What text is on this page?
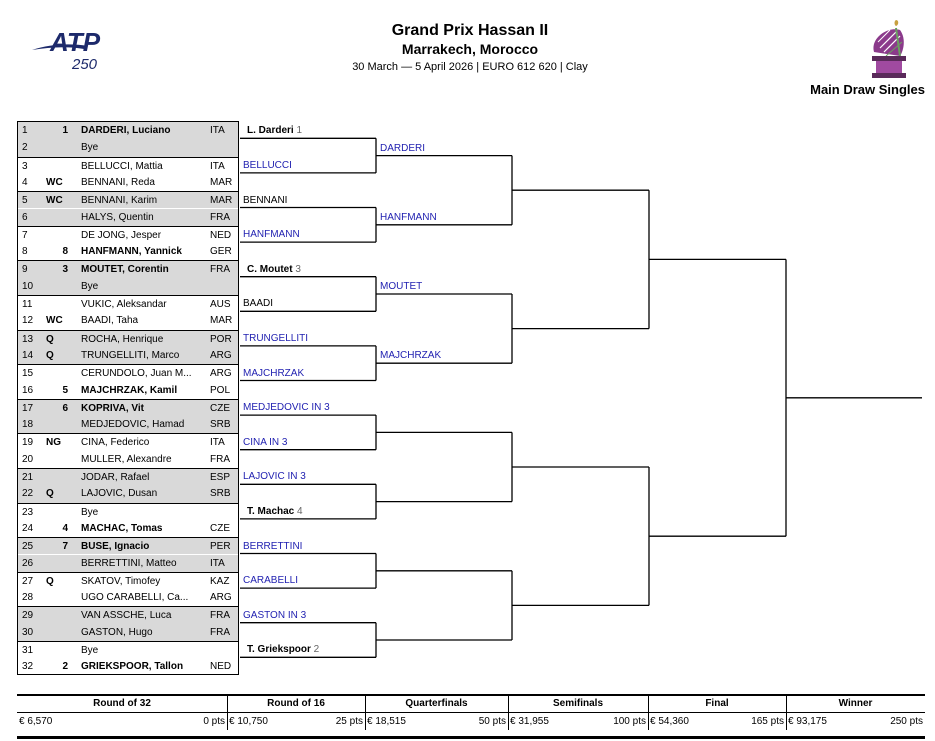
ATP
250
Grand Prix Hassan II
Marrakech, Morocco
30 March — 5 April 2026 | EURO 612 620 | Clay
Main Draw Singles
1	1 DARDERI, Luciano	ITA
2	Bye
3	BELLUCCI, Mattia	ITA
4 WC BENNANI, Reda	MAR
5 WC BENNANI, Karim	MAR
6	HALYS, Quentin	FRA
7	DE JONG, Jesper	NED
8	8 HANFMANN, Yannick	GER
9	3 MOUTET, Corentin	FRA
10	Bye
11	VUKIC, Aleksandar	AUS
12 WC BAADI, Taha	MAR
13 Q	ROCHA, Henrique	POR
14 Q	TRUNGELLITI, Marco	ARG
15	CERUNDOLO, Juan M...	ARG
16	5 MAJCHRZAK, Kamil	POL
17	6 KOPRIVA, Vit	CZE
18	MEDJEDOVIC, Hamad	SRB
19 NG CINA, Federico	ITA
20	MULLER, Alexandre	FRA
21	JODAR, Rafael	ESP
22 Q	LAJOVIC, Dusan	SRB
23	Bye
24	4 MACHAC, Tomas	CZE
25	7 BUSE, Ignacio	PER
26	BERRETTINI, Matteo	ITA
27 Q	SKATOV, Timofey	KAZ
28	UGO CARABELLI, Ca...	ARG
29	VAN ASSCHE, Luca	FRA
30	GASTON, Hugo	FRA
31	Bye
32	2 GRIEKSPOOR, Tallon	NED
Round of 32
€ 6,570	0 pts
Round of 16
€ 10,750	25 pts
Quarterfinals
€ 18,515	50 pts
Semifinals
€ 31,955	100 pts
Final
€ 54,360	165 pts
Winner
€ 93,175	250 pts
L. Darderi 1
BELLUCCI
BENNANI
HANFMANN
C. Moutet 3
BAADI
TRUNGELLITI
MAJCHRZAK
MEDJEDOVIC IN 3
CINA IN 3
LAJOVIC IN 3
T. Machac 4
BERRETTINI
CARABELLI
GASTON IN 3
T. Griekspoor 2
DARDERI
HANFMANN
MOUTET
MAJCHRZAK
